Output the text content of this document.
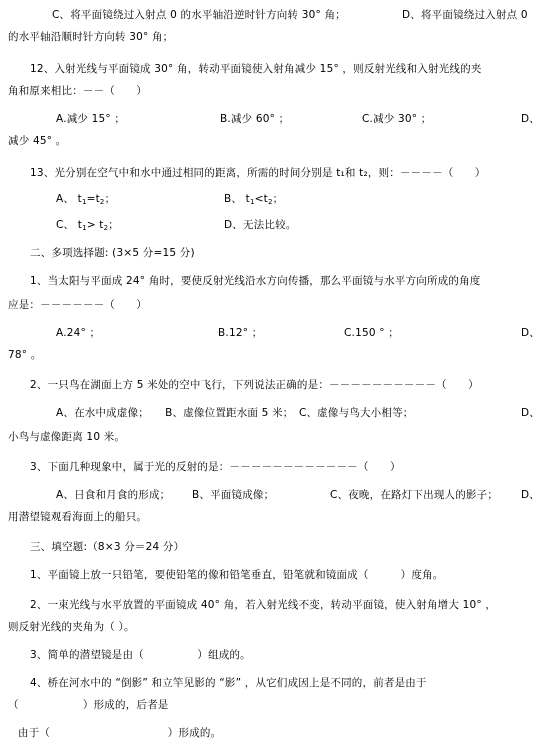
C、将平面镜绕过入射点 0 的水平轴沿逆时针方向转 30° 角；	D、将平面镜绕过入射点 0
的水平轴沿顺时针方向转 30° 角；
12、入射光线与平面镜成 30° 角，转动平面镜使入射角减少 15° ，则反射光线和入射光线的夹
角和原来相比：－－（　　）
A.减少 15° ；	B.减少 60° ；	C.减少 30° ；	D、
减少 45° 。
13、光分别在空气中和水中通过相同的距离，所需的时间分别是 t₁和 t₂，则：－－－－（　　）
A、 $t_1=t_2$；	B、 $t_1<t_2$；
C、 $t_1> t_2$；	D、无法比较。
二、多项选择题: (3×5 分=15 分)
1、当太阳与平面成 24° 角时，要使反射光线沿水方向传播，那么平面镜与水平方向所成的角度
应是：－－－－－－（　　）
A.24° ；	B.12° ；	C.150 ° ；	D、
78° 。
2、一只鸟在湖面上方 5 米处的空中飞行，下列说法正确的是：－－－－－－－－－－（　　）
A、在水中成虚像；　　B、虚像位置距水面 5 米；　C、虚像与鸟大小相等；	D、
小鸟与虚像距离 10 米。
3、下面几种现象中，属于光的反射的是：－－－－－－－－－－－－（　　）
A、日食和月食的形成； B、平面镜成像；	C、夜晚，在路灯下出现人的影子； D、
用潜望镜观看海面上的船只。
三、填空题:（8×3 分＝24 分）
1、平面镜上放一只铅笔，要使铅笔的像和铅笔垂直，铅笔就和镜面成（　　　）度角。
2、一束光线与水平放置的平面镜成 40° 角，若入射光线不变，转动平面镜，使入射角增大 10° ，
则反射光线的夹角为（ ）。
3、简单的潜望镜是由（　　　　　）组成的。
4、桥在河水中的 “倒影” 和立竿见影的 “影” ，从它们成因上是不同的，前者是由于
（　　　　　　）形成的，后者是
由于（　　　　　　　　　　　）形成的。
